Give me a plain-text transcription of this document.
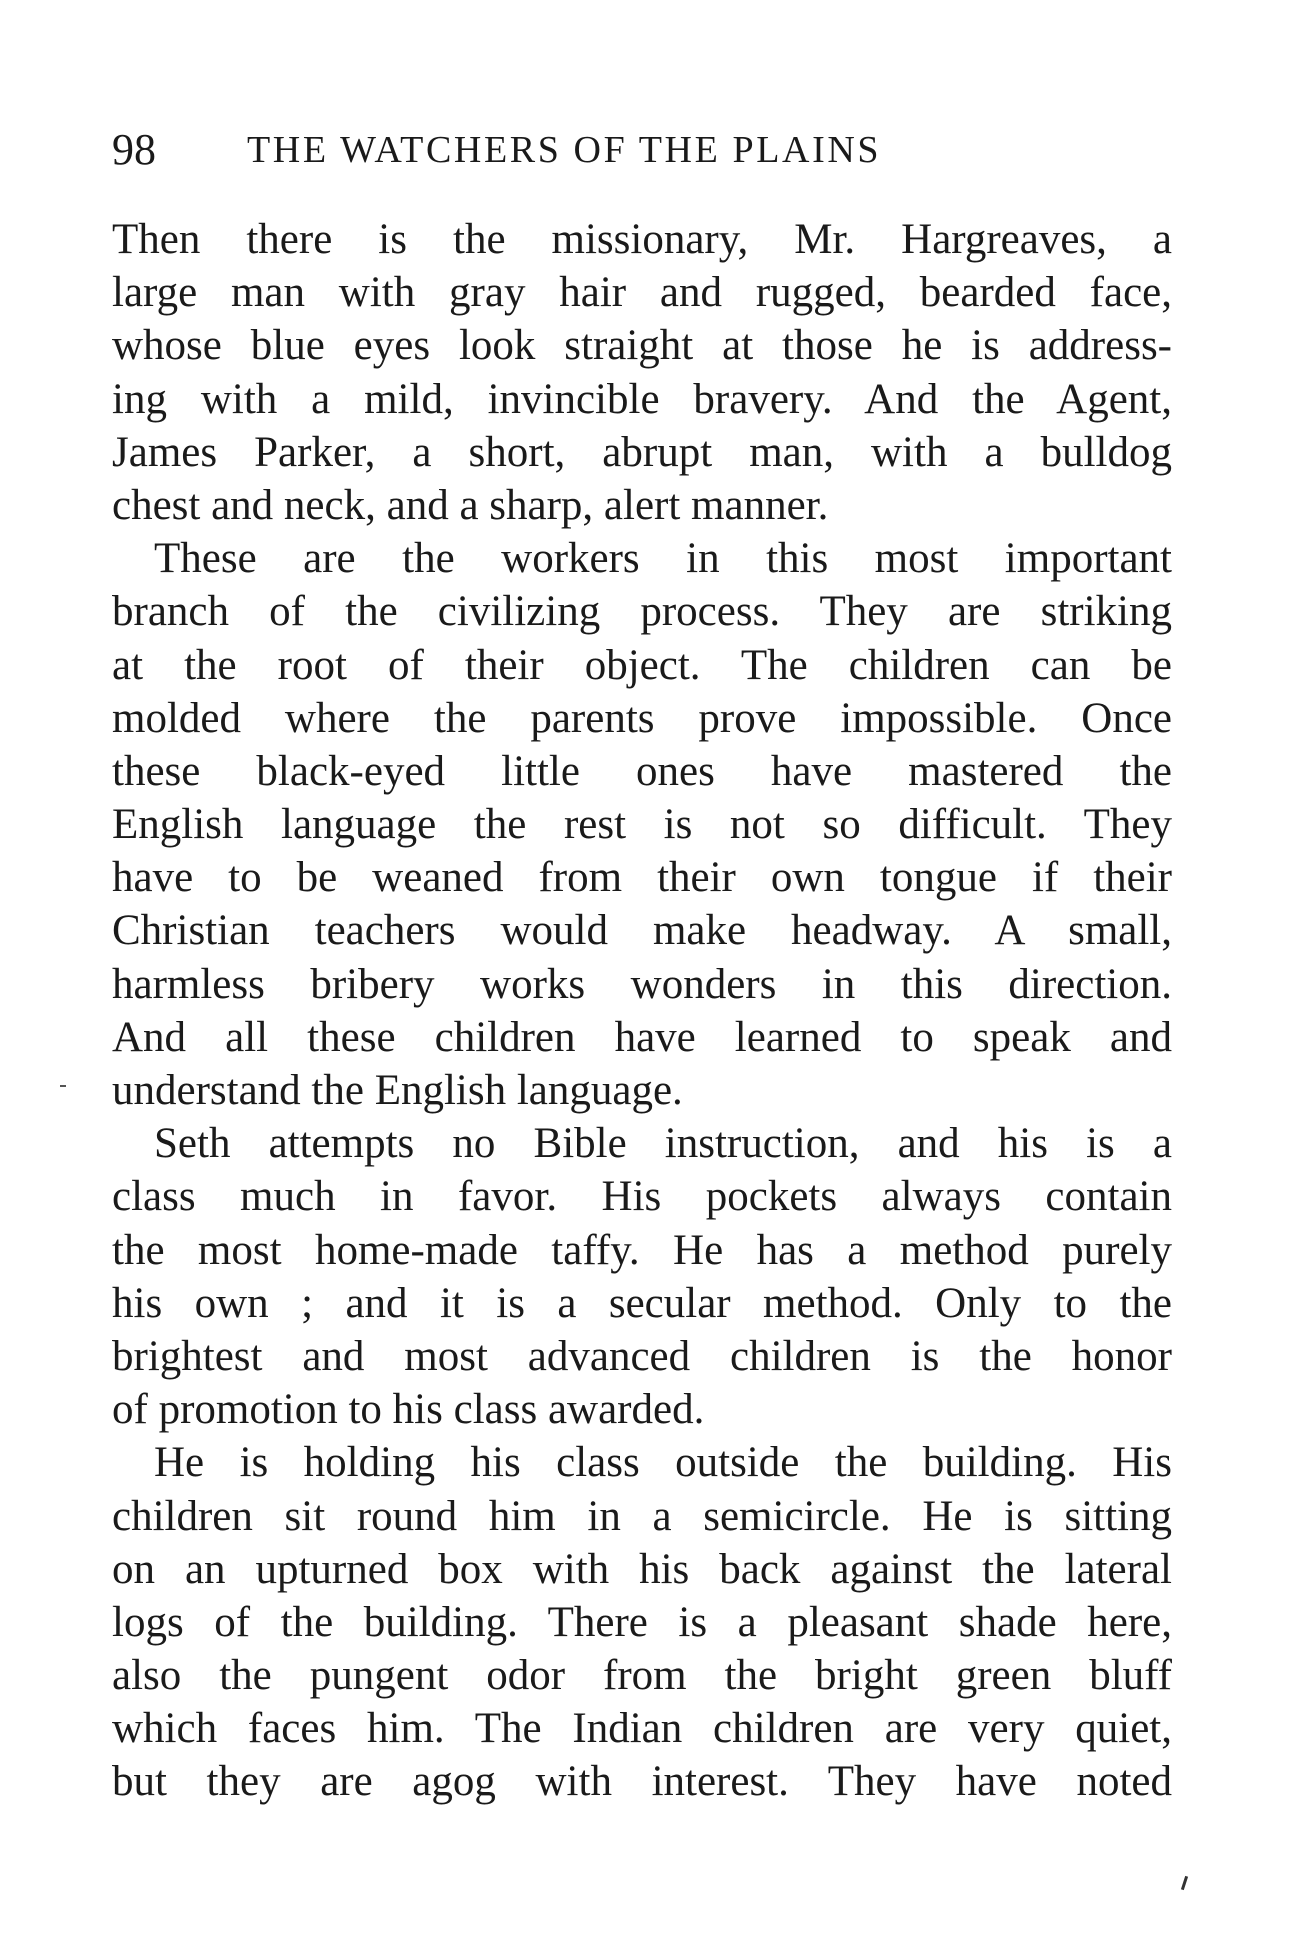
98 THE WATCHERS OF THE PLAINS
Then there is the missionary, Mr. Hargreaves, a
large man with gray hair and rugged, bearded face,
whose blue eyes look straight at those he is address-
ing with a mild, invincible bravery. And the Agent,
James Parker, a short, abrupt man, with a bulldog
chest and neck, and a sharp, alert manner.
These are the workers in this most important
branch of the civilizing process. They are striking
at the root of their object. The children can be
molded where the parents prove impossible. Once
these black-eyed little ones have mastered the
English language the rest is not so difficult. They
have to be weaned from their own tongue if their
Christian teachers would make headway. A small,
harmless bribery works wonders in this direction.
And all these children have learned to speak and
understand the English language.
Seth attempts no Bible instruction, and his is a
class much in favor. His pockets always contain
the most home-made taffy. He has a method purely
his own ; and it is a secular method. Only to the
brightest and most advanced children is the honor
of promotion to his class awarded.
He is holding his class outside the building. His
children sit round him in a semicircle. He is sitting
on an upturned box with his back against the lateral
logs of the building. There is a pleasant shade here,
also the pungent odor from the bright green bluff
which faces him. The Indian children are very quiet,
but they are agog with interest. They have noted
